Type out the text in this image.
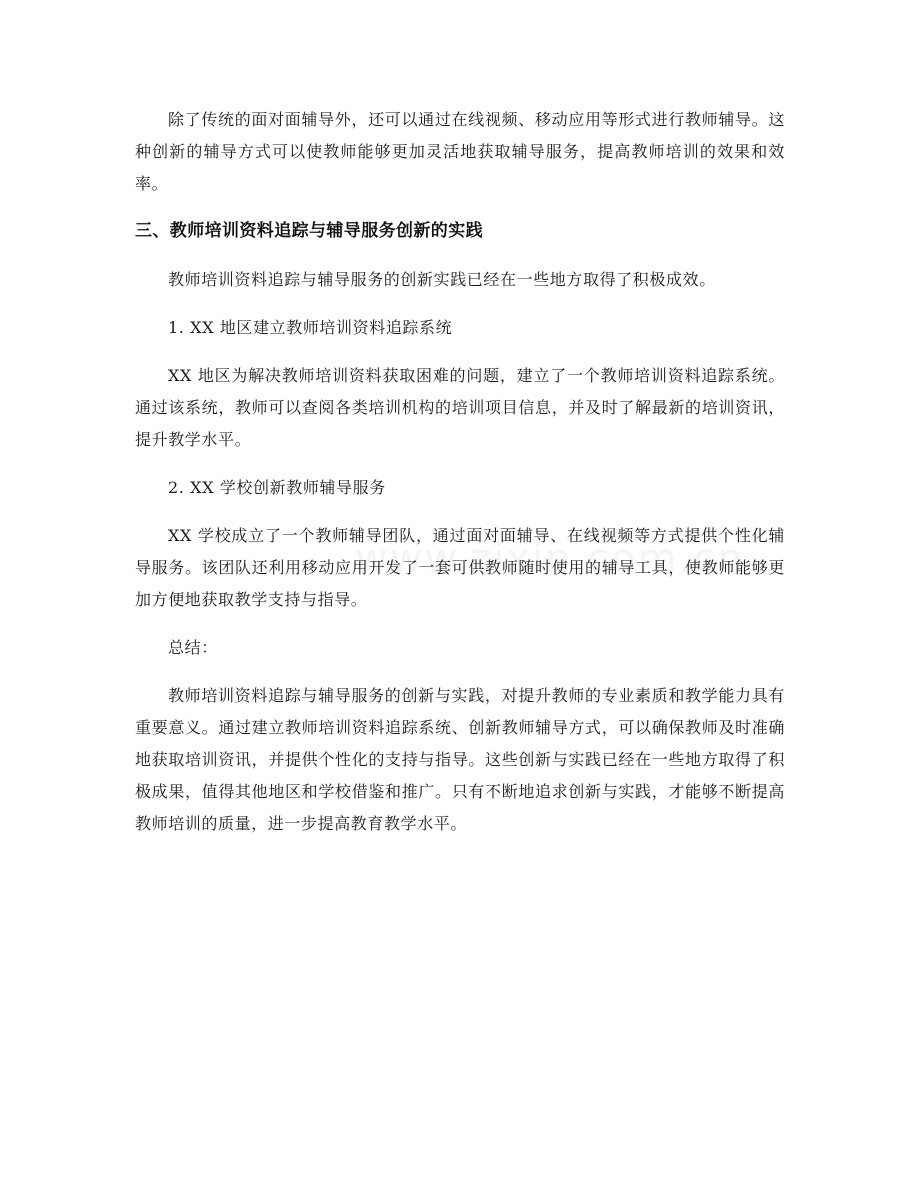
除了传统的面对面辅导外，还可以通过在线视频、移动应用等形式进行教师辅导。这种创新的辅导方式可以使教师能够更加灵活地获取辅导服务，提高教师培训的效果和效率。

三、教师培训资料追踪与辅导服务创新的实践

教师培训资料追踪与辅导服务的创新实践已经在一些地方取得了积极成效。

1. XX 地区建立教师培训资料追踪系统

XX 地区为解决教师培训资料获取困难的问题，建立了一个教师培训资料追踪系统。通过该系统，教师可以查阅各类培训机构的培训项目信息，并及时了解最新的培训资讯，提升教学水平。

2. XX 学校创新教师辅导服务

XX 学校成立了一个教师辅导团队，通过面对面辅导、在线视频等方式提供个性化辅导服务。该团队还利用移动应用开发了一套可供教师随时使用的辅导工具，使教师能够更加方便地获取教学支持与指导。

总结：

教师培训资料追踪与辅导服务的创新与实践，对提升教师的专业素质和教学能力具有重要意义。通过建立教师培训资料追踪系统、创新教师辅导方式，可以确保教师及时准确地获取培训资讯，并提供个性化的支持与指导。这些创新与实践已经在一些地方取得了积极成果，值得其他地区和学校借鉴和推广。只有不断地追求创新与实践，才能够不断提高教师培训的质量，进一步提高教育教学水平。
